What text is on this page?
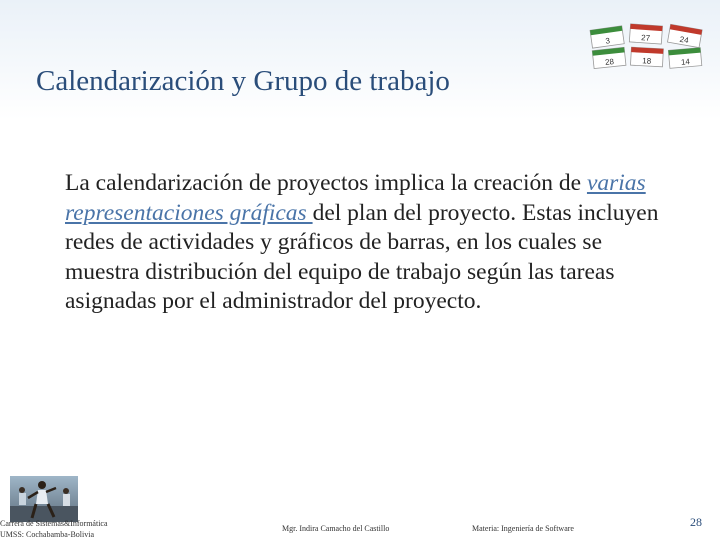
3	27	24
28	18	14
Calendarización y Grupo de trabajo
La calendarización de proyectos implica la creación de varias representaciones gráficas del plan del proyecto. Estas incluyen redes de actividades y gráficos de barras, en los cuales se muestra distribución del equipo de trabajo según las tareas asignadas por el administrador del proyecto.
Carrera de Sistemas&Informática
UMSS: Cochabamba-Bolivia
Mgr. Indira Camacho del Castillo	Materia: Ingeniería de Software	28
